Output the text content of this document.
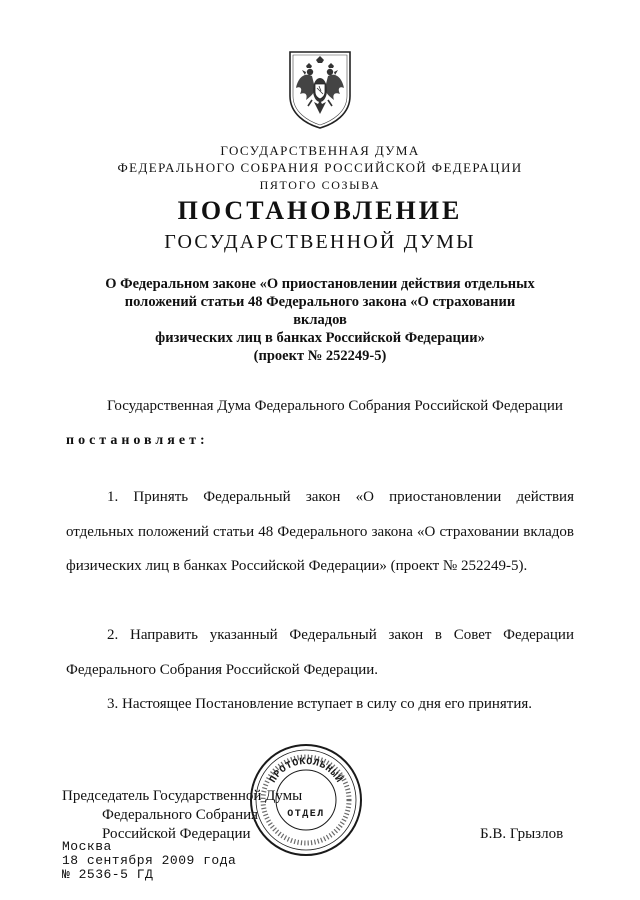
ГОСУДАРСТВЕННАЯ ДУМА
ФЕДЕРАЛЬНОГО СОБРАНИЯ РОССИЙСКОЙ ФЕДЕРАЦИИ
ПЯТОГО СОЗЫВА
ПОСТАНОВЛЕНИЕ
ГОСУДАРСТВЕННОЙ ДУМЫ
О Федеральном законе «О приостановлении действия отдельных
положений статьи 48 Федерального закона «О страховании вкладов
физических лиц в банках Российской Федерации»
(проект № 252249-5)
Государственная Дума Федерального Собрания Российской Федерации
постановляет:

1. Принять Федеральный закон «О приостановлении действия отдельных положений статьи 48 Федерального закона «О страховании вкладов физических лиц в банках Российской Федерации» (проект № 252249-5).

2. Направить указанный Федеральный закон в Совет Федерации Федерального Собрания Российской Федерации.

3. Настоящее Постановление вступает в силу со дня его принятия.

Председатель Государственной Думы
Федерального Собрания
Российской Федерации	Б.В. Грызлов
Москва
18 сентября 2009 года
№ 2536-5 ГД
ПРОТОКОЛЬНЫЙ
ОТДЕЛ
